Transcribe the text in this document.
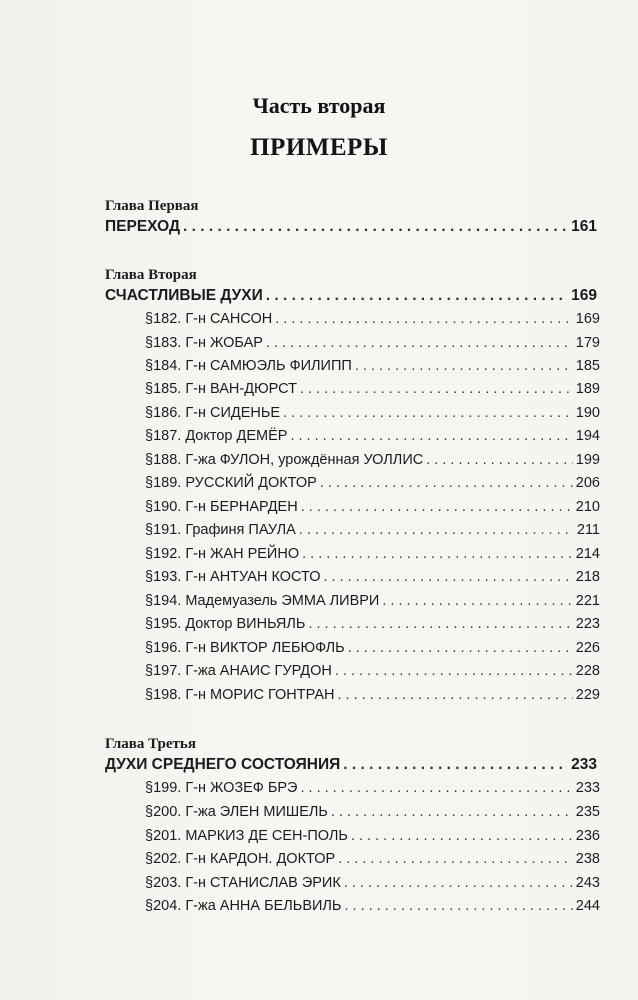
Часть вторая
ПРИМЕРЫ
Глава Первая
ПЕРЕХОД . . .	161
Глава Вторая
СЧАСТЛИВЫЕ ДУХИ . . .	169
§182. Г-н САНСОН . . .	169
§183. Г-н ЖОБАР . . .	179
§184. Г-н САМЮЭЛЬ ФИЛИПП . . .	185
§185. Г-н ВАН-ДЮРСТ . . .	189
§186. Г-н СИДЕНЬЕ . . .	190
§187. Доктор ДЕМЁР . . .	194
§188. Г-жа ФУЛОН, урождённая УОЛЛИС . . .	199
§189. РУССКИЙ ДОКТОР . . .	206
§190. Г-н БЕРНАРДЕН . . .	210
§191. Графиня ПАУЛА . . .	211
§192. Г-н ЖАН РЕЙНО . . .	214
§193. Г-н АНТУАН КОСТО . . .	218
§194. Мадемуазель ЭММА ЛИВРИ . . .	221
§195. Доктор ВИНЬЯЛЬ . . .	223
§196. Г-н ВИКТОР ЛЕБЮФЛЬ . . .	226
§197. Г-жа АНАИС ГУРДОН . . .	228
§198. Г-н МОРИС ГОНТРАН . . .	229
Глава Третья
ДУХИ СРЕДНЕГО СОСТОЯНИЯ . . .	233
§199. Г-н ЖОЗЕФ БРЭ . . .	233
§200. Г-жа ЭЛЕН МИШЕЛЬ . . .	235
§201. МАРКИЗ ДЕ СЕН-ПОЛЬ . . .	236
§202. Г-н КАРДОН. ДОКТОР . . .	238
§203. Г-н СТАНИСЛАВ ЭРИК . . .	243
§204. Г-жа АННА БЕЛЬВИЛЬ . . .	244
